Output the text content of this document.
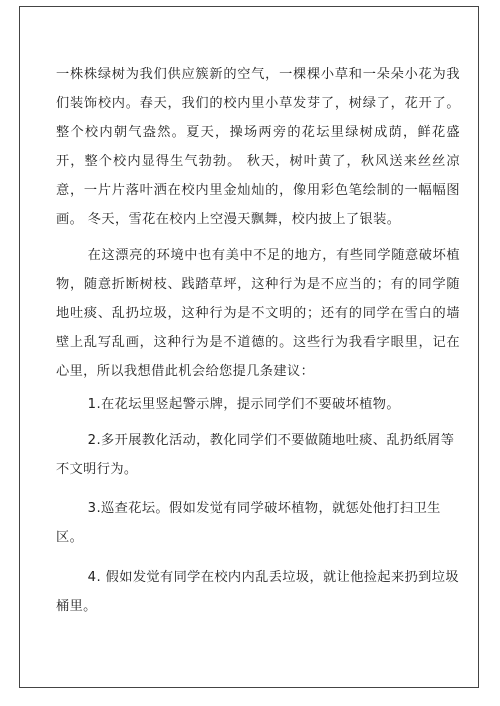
一株株绿树为我们供应簇新的空气，一棵棵小草和一朵朵小花为我们装饰校内。春天，我们的校内里小草发芽了，树绿了，花开了。整个校内朝气盎然。夏天，操场两旁的花坛里绿树成荫，鲜花盛开，整个校内显得生气勃勃。 秋天，树叶黄了，秋风送来丝丝凉意，一片片落叶洒在校内里金灿灿的，像用彩色笔绘制的一幅幅图画。 冬天，雪花在校内上空漫天飘舞，校内披上了银装。

在这漂亮的环境中也有美中不足的地方，有些同学随意破坏植物，随意折断树枝、践踏草坪，这种行为是不应当的；有的同学随地吐痰、乱扔垃圾，这种行为是不文明的；还有的同学在雪白的墙壁上乱写乱画，这种行为是不道德的。这些行为我看字眼里，记在心里，所以我想借此机会给您提几条建议：

1.在花坛里竖起警示牌，提示同学们不要破坏植物。

2.多开展教化活动，教化同学们不要做随地吐痰、乱扔纸屑等不文明行为。

3.巡查花坛。假如发觉有同学破坏植物，就惩处他打扫卫生区。

4. 假如发觉有同学在校内内乱丢垃圾，就让他捡起来扔到垃圾桶里。
